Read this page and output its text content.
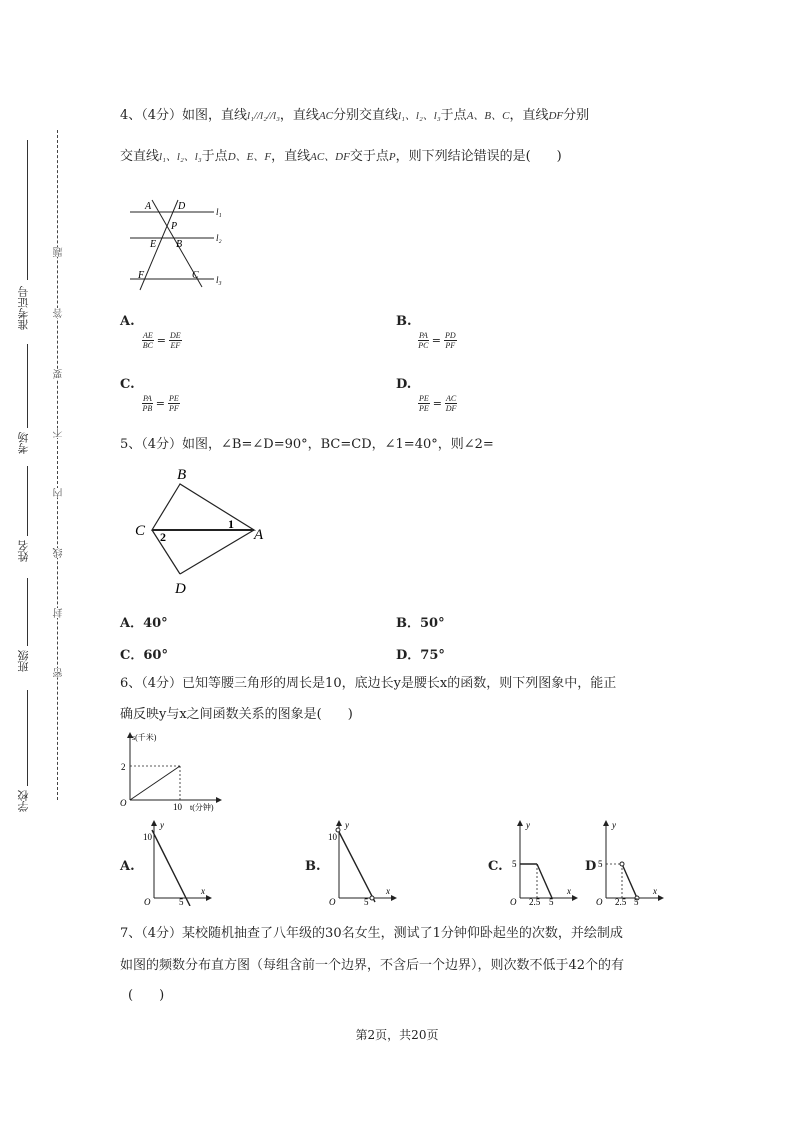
准考证号
考场
姓名
班级
学校
题
答
要
不
内
线
封
密
4、（4分）如图，直线l₁//l₂//l₃，直线AC分别交直线l₁、l₂、l₃于点A、B、C，直线DF分别
交直线l₁、l₂、l₃于点D、E、F，直线AC、DF交于点P，则下列结论错误的是(　　)
A	D
P
E B
F	C
l₁
l₂
l₃
A.
$\frac{AE}{BC} = \frac{DE}{EF}$
B.
$\frac{PA}{PC} = \frac{PD}{PF}$
C.
$\frac{PA}{PB} = \frac{PE}{PF}$
D.
$\frac{PE}{PE} = \frac{AC}{DF}$
5、（4分）如图，∠B=∠D=90°，BC=CD，∠1=40°，则∠2=
B
C	A
D
1
2
A．40°	B．50°
C．60°	D．75°
6、（4分）已知等腰三角形的周长是10，底边长y是腰长x的函数，则下列图象中，能正
确反映y与x之间函数关系的图象是(　　)
s(千米)
2
O	10 t(分钟)
A.
y
10
O	5
x
B.
y
10
O	5
x
C.
y
5
O 2.5 5
x
D
y
5
O 2.5 5
x
7、（4分）某校随机抽查了八年级的30名女生，测试了1分钟仰卧起坐的次数，并绘制成
如图的频数分布直方图（每组含前一个边界，不含后一个边界），则次数不低于42个的有
(　　)
第2页，共20页
